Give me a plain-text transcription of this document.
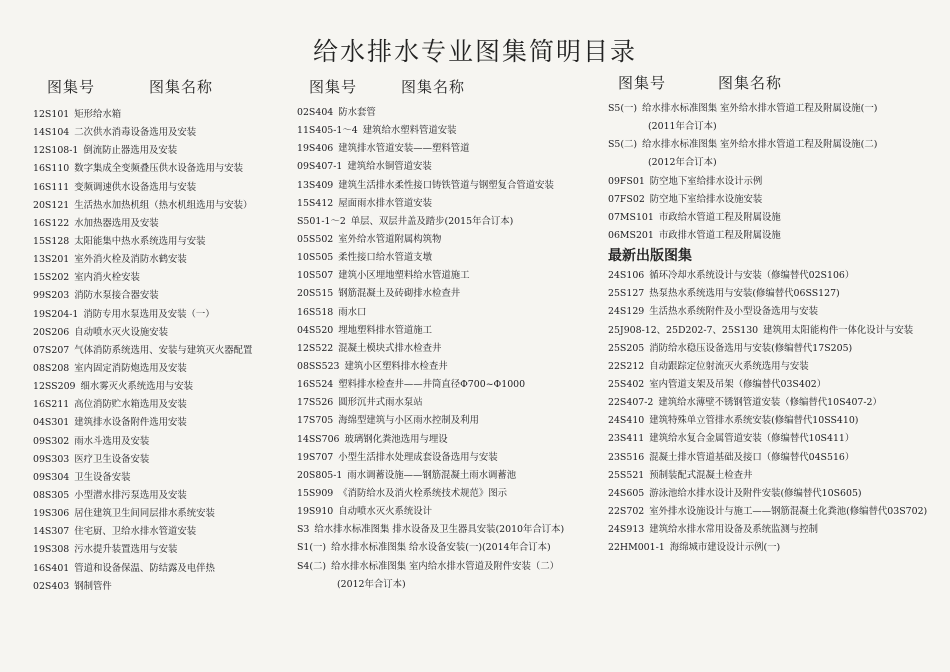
给水排水专业图集简明目录
图集号	图集名称
12S101 矩形给水箱
14S104 二次供水消毒设备选用及安装
12S108-1 倒流防止器选用及安装
16S110 数字集成全变频叠压供水设备选用与安装
16S111 变频调速供水设备选用与安装
20S121 生活热水加热机组（热水机组选用与安装）
16S122 水加热器选用及安装
15S128 太阳能集中热水系统选用与安装
13S201 室外消火栓及消防水鹤安装
15S202 室内消火栓安装
99S203 消防水泵接合器安装
19S204-1 消防专用水泵选用及安装（一）
20S206 自动喷水灭火设施安装
07S207 气体消防系统选用、安装与建筑灭火器配置
08S208 室内固定消防炮选用及安装
12SS209 细水雾灭火系统选用与安装
16S211 高位消防贮水箱选用及安装
04S301 建筑排水设备附件选用安装
09S302 雨水斗选用及安装
09S303 医疗卫生设备安装
09S304 卫生设备安装
08S305 小型潜水排污泵选用及安装
19S306 居住建筑卫生间同层排水系统安装
14S307 住宅厨、卫给水排水管道安装
19S308 污水提升装置选用与安装
16S401 管道和设备保温、防结露及电伴热
02S403 钢制管件
图集号	图集名称
02S404 防水套管
11S405-1～4 建筑给水塑料管道安装
19S406 建筑排水管道安装——塑料管道
09S407-1 建筑给水铜管道安装
13S409 建筑生活排水柔性接口铸铁管道与钢塑复合管道安装
15S412 屋面雨水排水管道安装
S501-1～2 单层、双层井盖及踏步(2015年合订本)
05S502 室外给水管道附属构筑物
10S505 柔性接口给水管道支墩
10S507 建筑小区埋地塑料给水管道施工
20S515 钢筋混凝土及砖砌排水检查井
16S518 雨水口
04S520 埋地塑料排水管道施工
12S522 混凝土模块式排水检查井
08SS523 建筑小区塑料排水检查井
16S524 塑料排水检查井——井筒直径Φ700~Φ1000
17S526 圆形沉井式雨水泵站
17S705 海绵型建筑与小区雨水控制及利用
14SS706 玻璃钢化粪池选用与埋设
19S707 小型生活排水处理成套设备选用与安装
20S805-1 雨水调蓄设施——钢筋混凝土雨水调蓄池
15S909 《消防给水及消火栓系统技术规范》图示
19S910 自动喷水灭火系统设计
S3 给水排水标准图集 排水设备及卫生器具安装(2010年合订本)
S1(一) 给水排水标准图集 给水设备安装(一)(2014年合订本)
S4(二) 给水排水标准图集 室内给水排水管道及附件安装（二）
(2012年合订本)
图集号	图集名称
S5(一) 给水排水标准图集 室外给水排水管道工程及附属设施(一)
(2011年合订本)
S5(二) 给水排水标准图集 室外给水排水管道工程及附属设施(二)
(2012年合订本)
09FS01 防空地下室给排水设计示例
07FS02 防空地下室给排水设施安装
07MS101 市政给水管道工程及附属设施
06MS201 市政排水管道工程及附属设施
最新出版图集
24S106 循环冷却水系统设计与安装（修编替代02S106）
25S127 热泵热水系统选用与安装(修编替代06SS127)
24S129 生活热水系统附件及小型设备选用与安装
25J908-12、25D202-7、25S130 建筑用太阳能构件一体化设计与安装
25S205 消防给水稳压设备选用与安装(修编替代17S205)
22S212 自动跟踪定位射流灭火系统选用与安装
25S402 室内管道支架及吊架（修编替代03S402）
22S407-2 建筑给水薄壁不锈钢管道安装（修编替代10S407-2）
24S410 建筑特殊单立管排水系统安装(修编替代10SS410)
23S411 建筑给水复合金属管道安装（修编替代10S411）
23S516 混凝土排水管道基础及接口（修编替代04S516）
25S521 预制装配式混凝土检查井
24S605 游泳池给水排水设计及附件安装(修编替代10S605)
22S702 室外排水设施设计与施工——钢筋混凝土化粪池(修编替代03S702)
24S913 建筑给水排水常用设备及系统监测与控制
22HM001-1 海绵城市建设设计示例(一)
